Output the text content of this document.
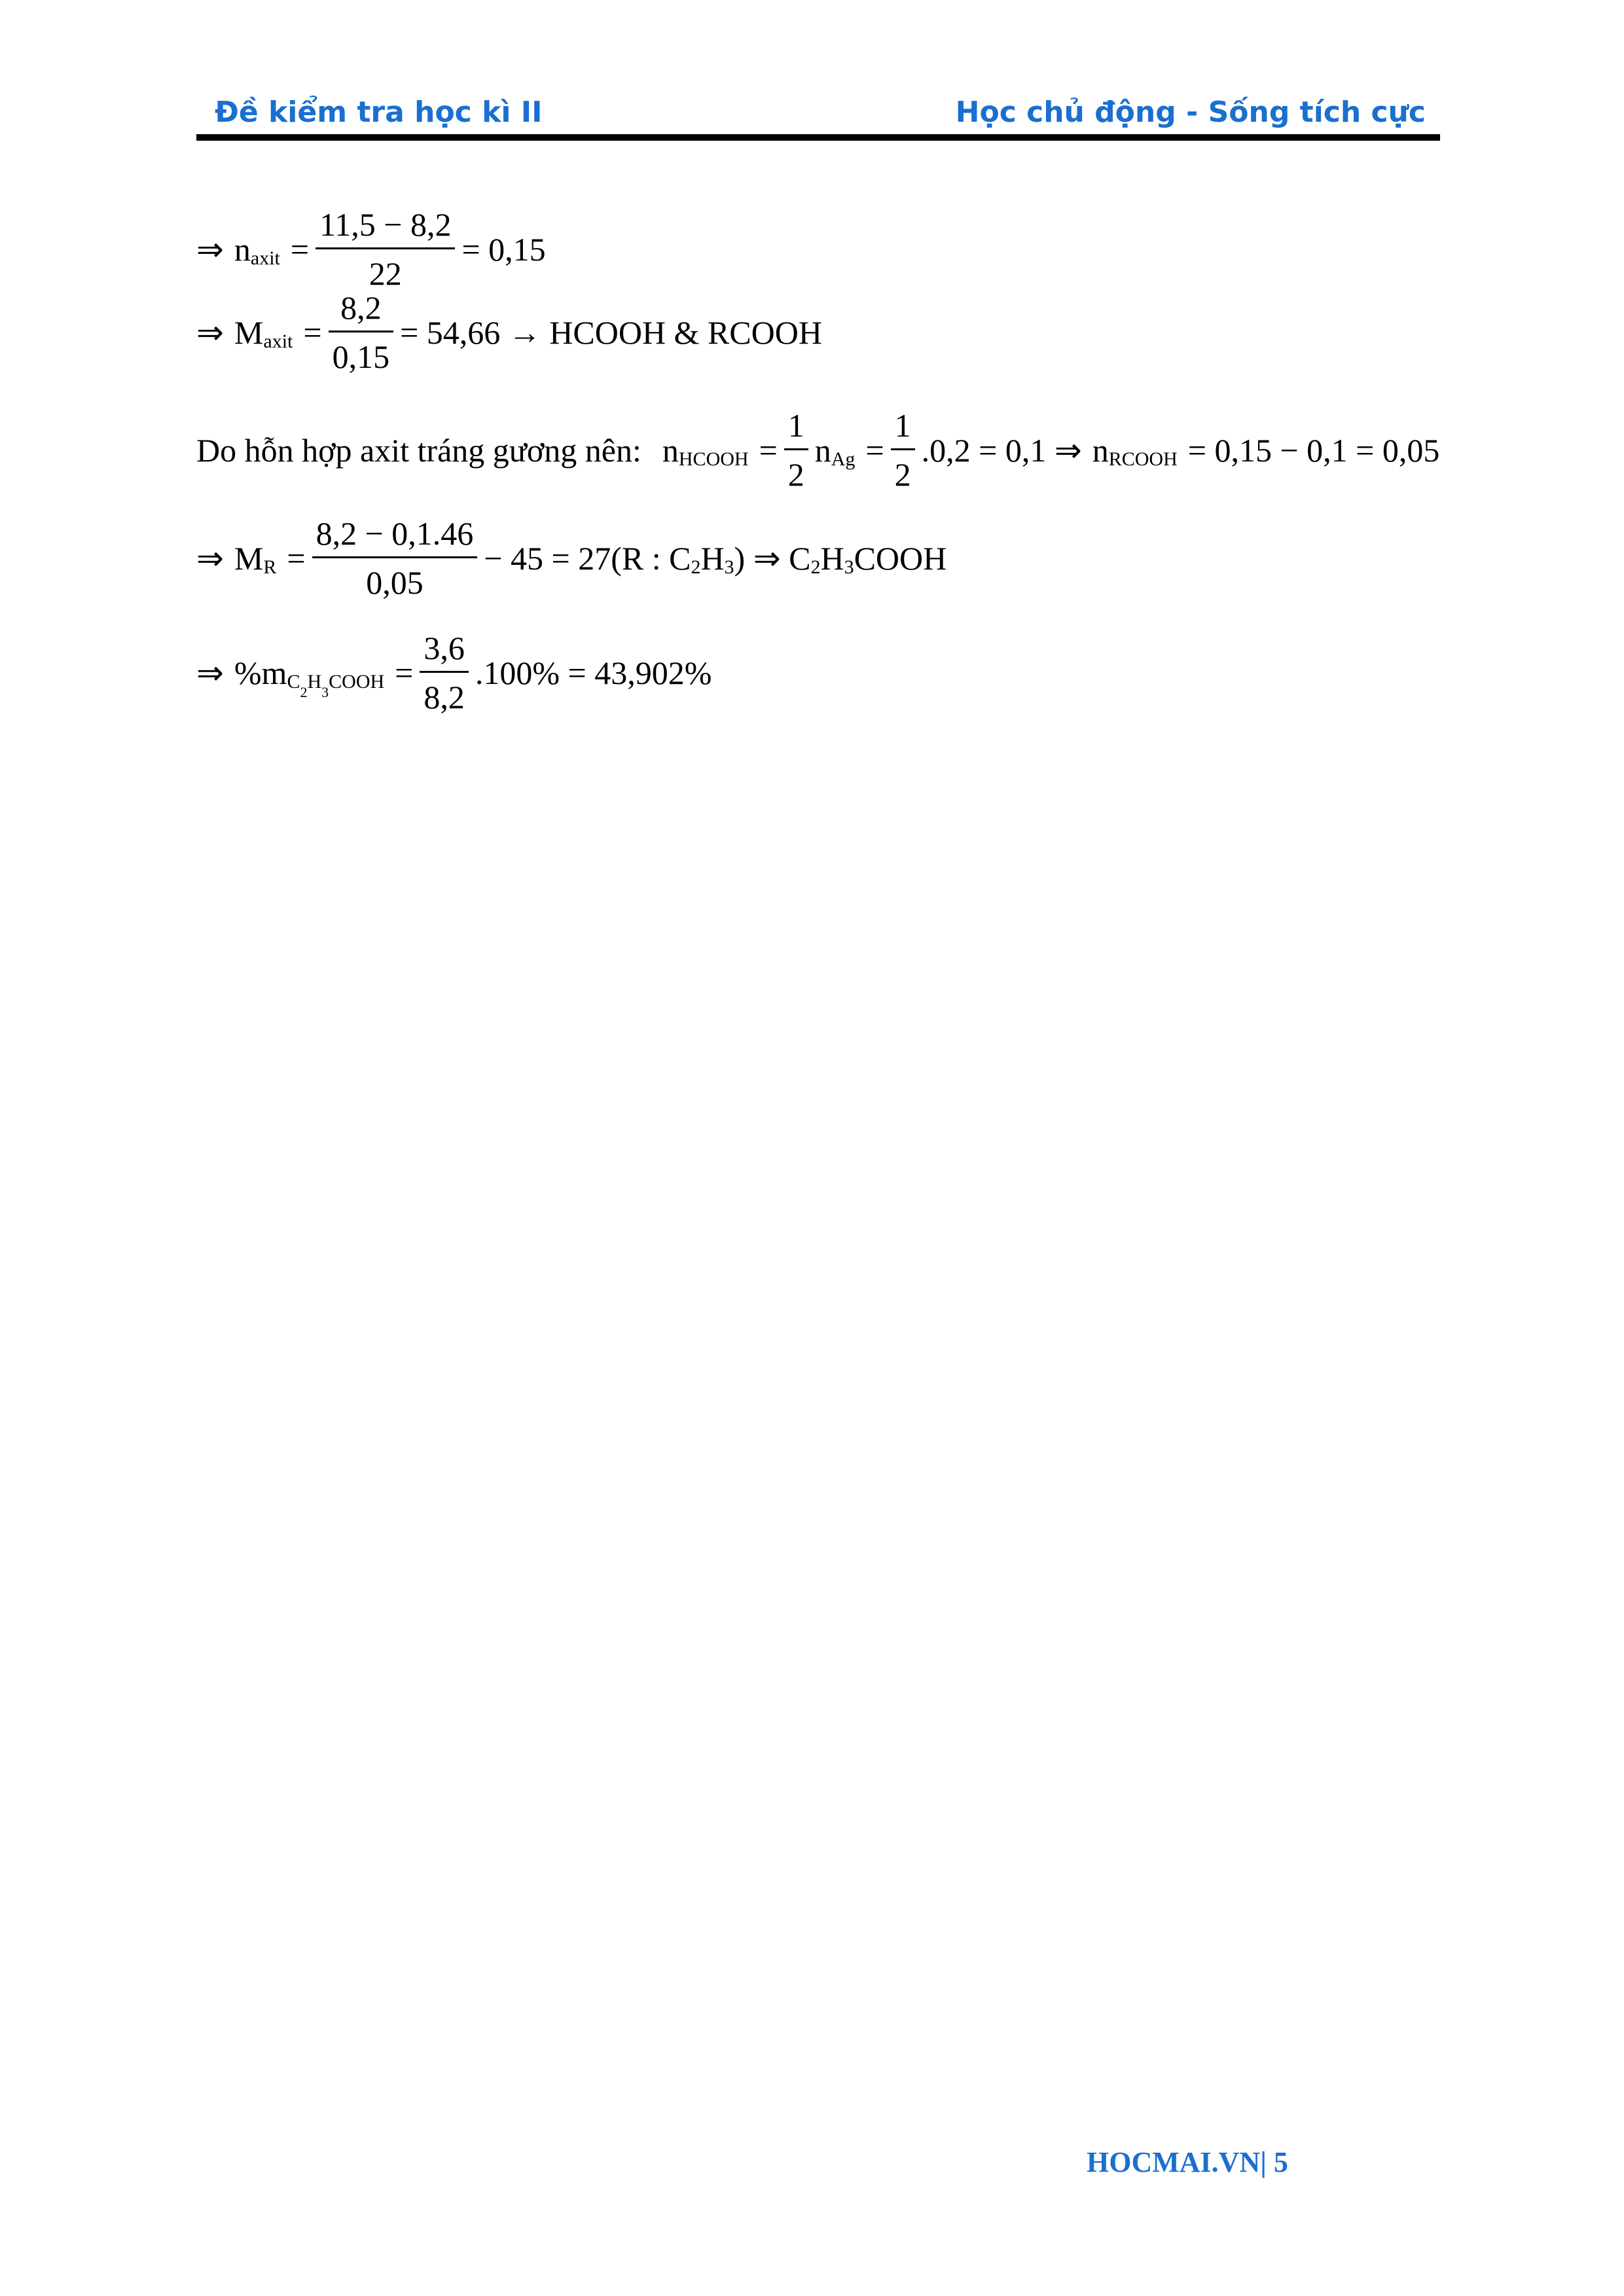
Đề kiểm tra học kì II	Học chủ động - Sống tích cực
⇒ n axit = $\frac{11,5 - 8,2}{22} = 0,15$
⇒ M axit = $\frac{8,2}{0,15} = 54,66$ → HCOOH & RCOOH
Do hỗn hợp axit tráng gương nên: n HCOOH = $\frac{1}{2}$ n $Ag = \frac{1}{2} .0,2 = 0,1$ ⇒ n RCOOH = 0,15 − 0,1 = 0,05
⇒ M $R = \frac{8,2 - 0,1.46}{0,05} - 45 = 27(R$ : C 2 H 3 ) ⇒ C 2 H 3 COOH
⇒ %m $C_2H_3COOH = \frac{3,6}{8,2} .100\% = 43,902\%$
HOCMAI.VN| 5
